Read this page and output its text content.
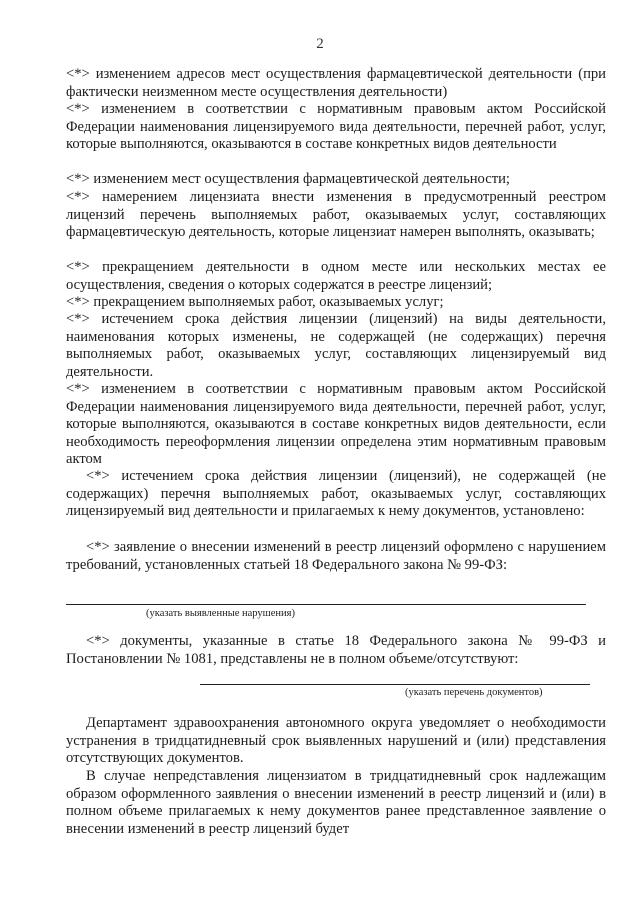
2

<*> изменением адресов мест осуществления фармацевтической деятельности (при фактически неизменном месте осуществления деятельности)

<*> изменением в соответствии с нормативным правовым актом Российской Федерации наименования лицензируемого вида деятельности, перечней работ, услуг, которые выполняются, оказываются в составе конкретных видов деятельности

<*> изменением мест осуществления фармацевтической деятельности;

<*> намерением лицензиата внести изменения в предусмотренный реестром лицензий перечень выполняемых работ, оказываемых услуг, составляющих фармацевтическую деятельность, которые лицензиат намерен выполнять, оказывать;

<*> прекращением деятельности в одном месте или нескольких местах ее осуществления, сведения о которых содержатся в реестре лицензий;

<*> прекращением выполняемых работ, оказываемых услуг;

<*> истечением срока действия лицензии (лицензий) на виды деятельности, наименования которых изменены, не содержащей (не содержащих) перечня выполняемых работ, оказываемых услуг, составляющих лицензируемый вид деятельности.

<*> изменением в соответствии с нормативным правовым актом Российской Федерации наименования лицензируемого вида деятельности, перечней работ, услуг, которые выполняются, оказываются в составе конкретных видов деятельности, если необходимость переоформления лицензии определена этим нормативным правовым актом

<*> истечением срока действия лицензии (лицензий), не содержащей (не содержащих) перечня выполняемых работ, оказываемых услуг, составляющих лицензируемый вид деятельности и прилагаемых к нему документов, установлено:

<*> заявление о внесении изменений в реестр лицензий оформлено с нарушением требований, установленных статьей 18 Федерального закона № 99-ФЗ:

(указать выявленные нарушения)

<*> документы, указанные в статье 18 Федерального закона № 99-ФЗ и Постановлении № 1081, представлены не в полном объеме/отсутствуют:

(указать перечень документов)

Департамент здравоохранения автономного округа уведомляет о необходимости устранения в тридцатидневный срок выявленных нарушений и (или) представления отсутствующих документов.

В случае непредставления лицензиатом в тридцатидневный срок надлежащим образом оформленного заявления о внесении изменений в реестр лицензий и (или) в полном объеме прилагаемых к нему документов ранее представленное заявление о внесении изменений в реестр лицензий будет
